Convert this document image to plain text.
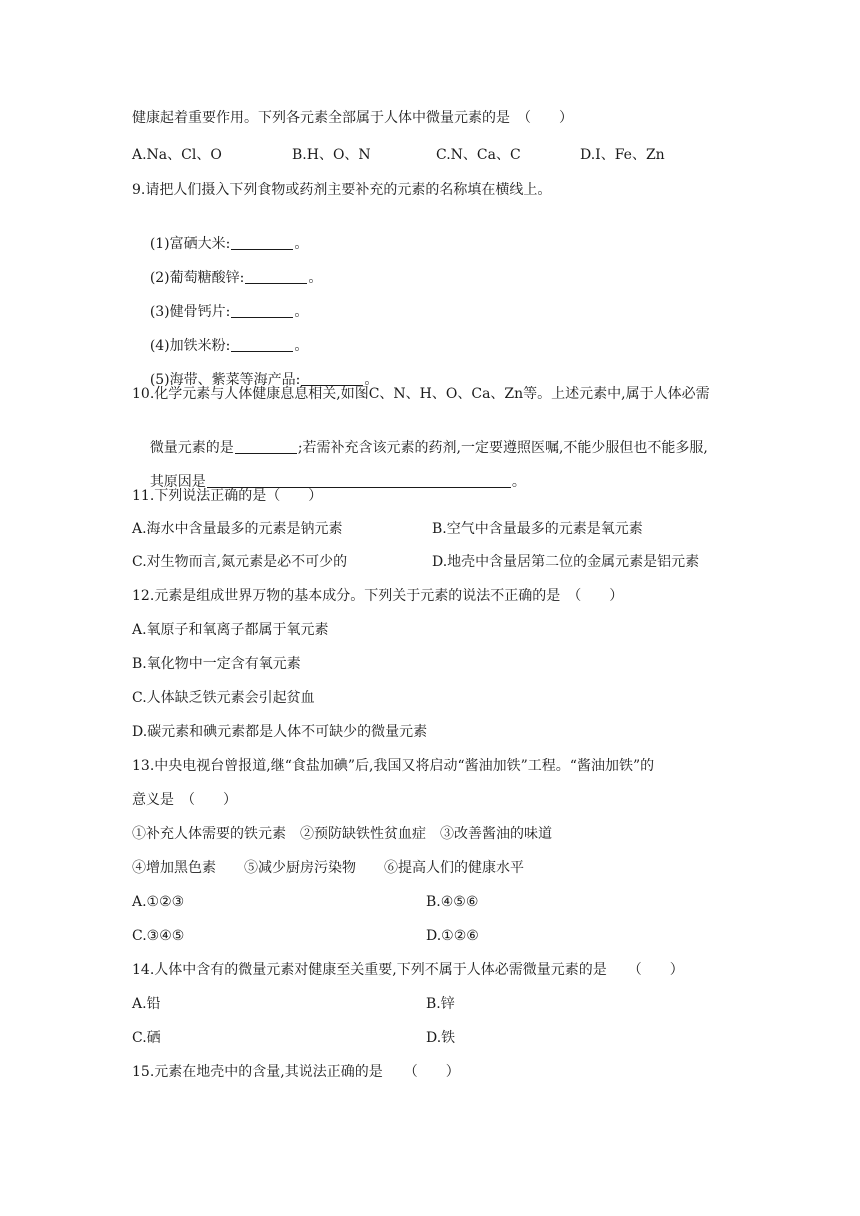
健康起着重要作用。下列各元素全部属于人体中微量元素的是　（　　）
A.Na、Cl、O	B.H、O、N	C.N、Ca、C	D.I、Fe、Zn
9.请把人们摄入下列食物或药剂主要补充的元素的名称填在横线上。

(1)富硒大米:	。

(2)葡萄糖酸锌:	。

(3)健骨钙片:	。

(4)加铁米粉:	。

(5)海带、紫菜等海产品:	。

10.化学元素与人体健康息息相关,如图C、N、H、O、Ca、Zn等。上述元素中,属于人体必需

微量元素的是	;若需补充含该元素的药剂,一定要遵照医嘱,不能少服但也不能多服,

其原因是	。

11.下列说法正确的是（　　）
A.海水中含量最多的元素是钠元素	B.空气中含量最多的元素是氧元素
C.对生物而言,氮元素是必不可少的	D.地壳中含量居第二位的金属元素是铝元素
12.元素是组成世界万物的基本成分。下列关于元素的说法不正确的是　（　　）
A.氧原子和氧离子都属于氧元素
B.氧化物中一定含有氧元素
C.人体缺乏铁元素会引起贫血
D.碳元素和碘元素都是人体不可缺少的微量元素
13.中央电视台曾报道,继“食盐加碘”后,我国又将启动“酱油加铁”工程。“酱油加铁”的
意义是　（　　）
①补充人体需要的铁元素　②预防缺铁性贫血症　③改善酱油的味道
④增加黑色素　　⑤减少厨房污染物　　⑥提高人们的健康水平
A.①②③	B.④⑤⑥
C.③④⑤	D.①②⑥
14.人体中含有的微量元素对健康至关重要,下列不属于人体必需微量元素的是　　（　　）
A.铅	B.锌
C.硒	D.铁
15.元素在地壳中的含量,其说法正确的是　　（　　）
